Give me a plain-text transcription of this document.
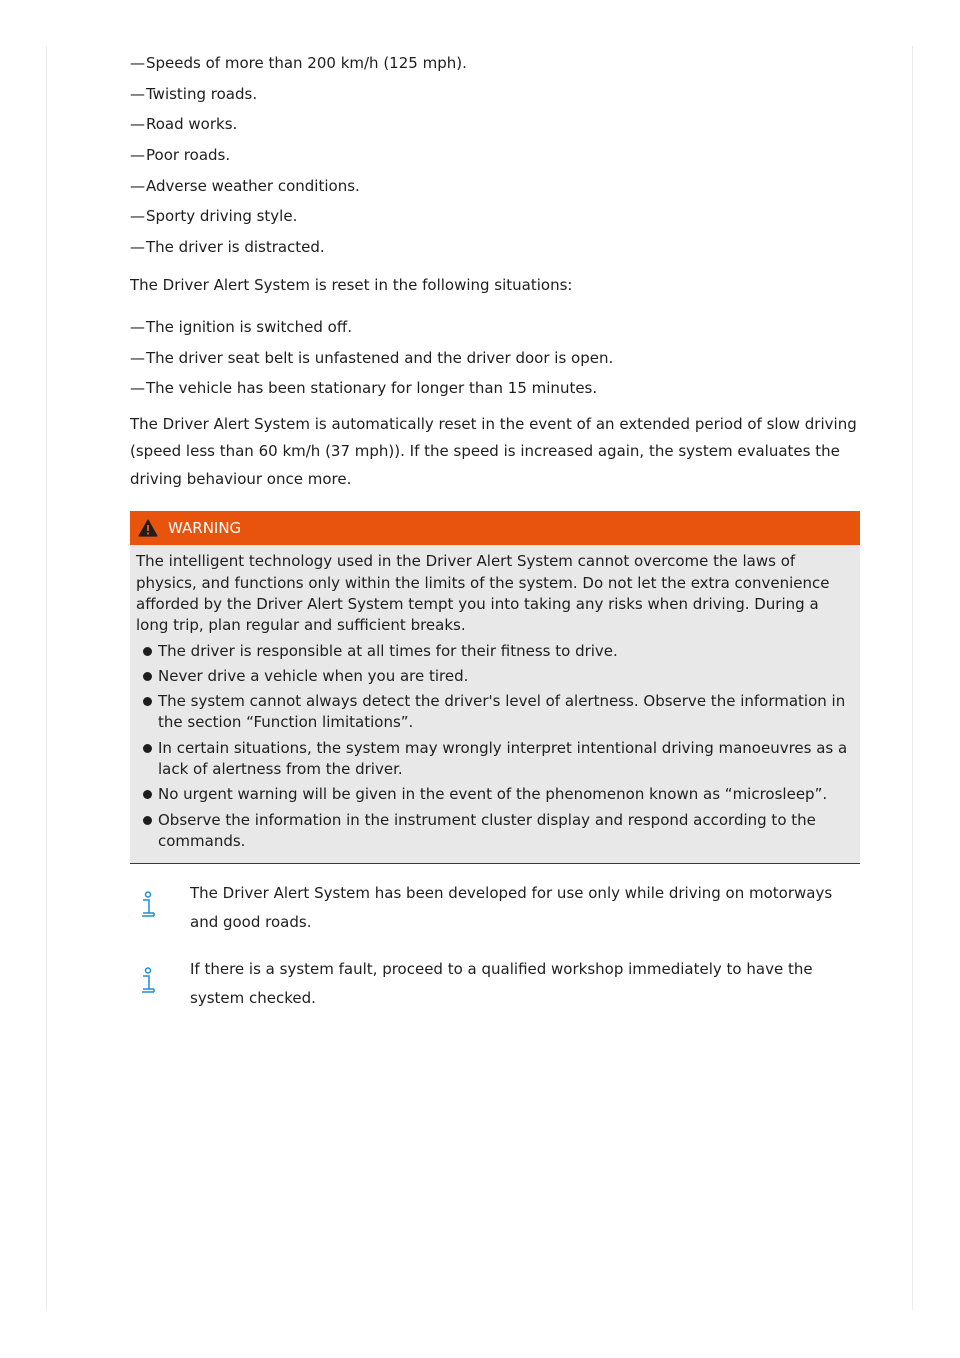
— Speeds of more than 200 km/h (125 mph).
— Twisting roads.
— Road works.
— Poor roads.
— Adverse weather conditions.
— Sporty driving style.
— The driver is distracted.

The Driver Alert System is reset in the following situations:

— The ignition is switched off.
— The driver seat belt is unfastened and the driver door is open.
— The vehicle has been stationary for longer than 15 minutes.

The Driver Alert System is automatically reset in the event of an extended period of slow driving
(speed less than 60 km/h (37 mph)). If the speed is increased again, the system evaluates the
driving behaviour once more.

WARNING

The intelligent technology used in the Driver Alert System cannot overcome the laws of physics, and functions only within the limits of the system. Do not let the extra convenience afforded by the Driver Alert System tempt you into taking any risks when driving. During a long trip, plan regular and sufficient breaks.

The driver is responsible at all times for their fitness to drive.
Never drive a vehicle when you are tired.
The system cannot always detect the driver's level of alertness. Observe the information in the section “Function limitations”.
In certain situations, the system may wrongly interpret intentional driving manoeuvres as a lack of alertness from the driver.
No urgent warning will be given in the event of the phenomenon known as “microsleep”.
Observe the information in the instrument cluster display and respond according to the commands.
The Driver Alert System has been developed for use only while driving on motorways and good roads.
If there is a system fault, proceed to a qualified workshop immediately to have the system checked.
